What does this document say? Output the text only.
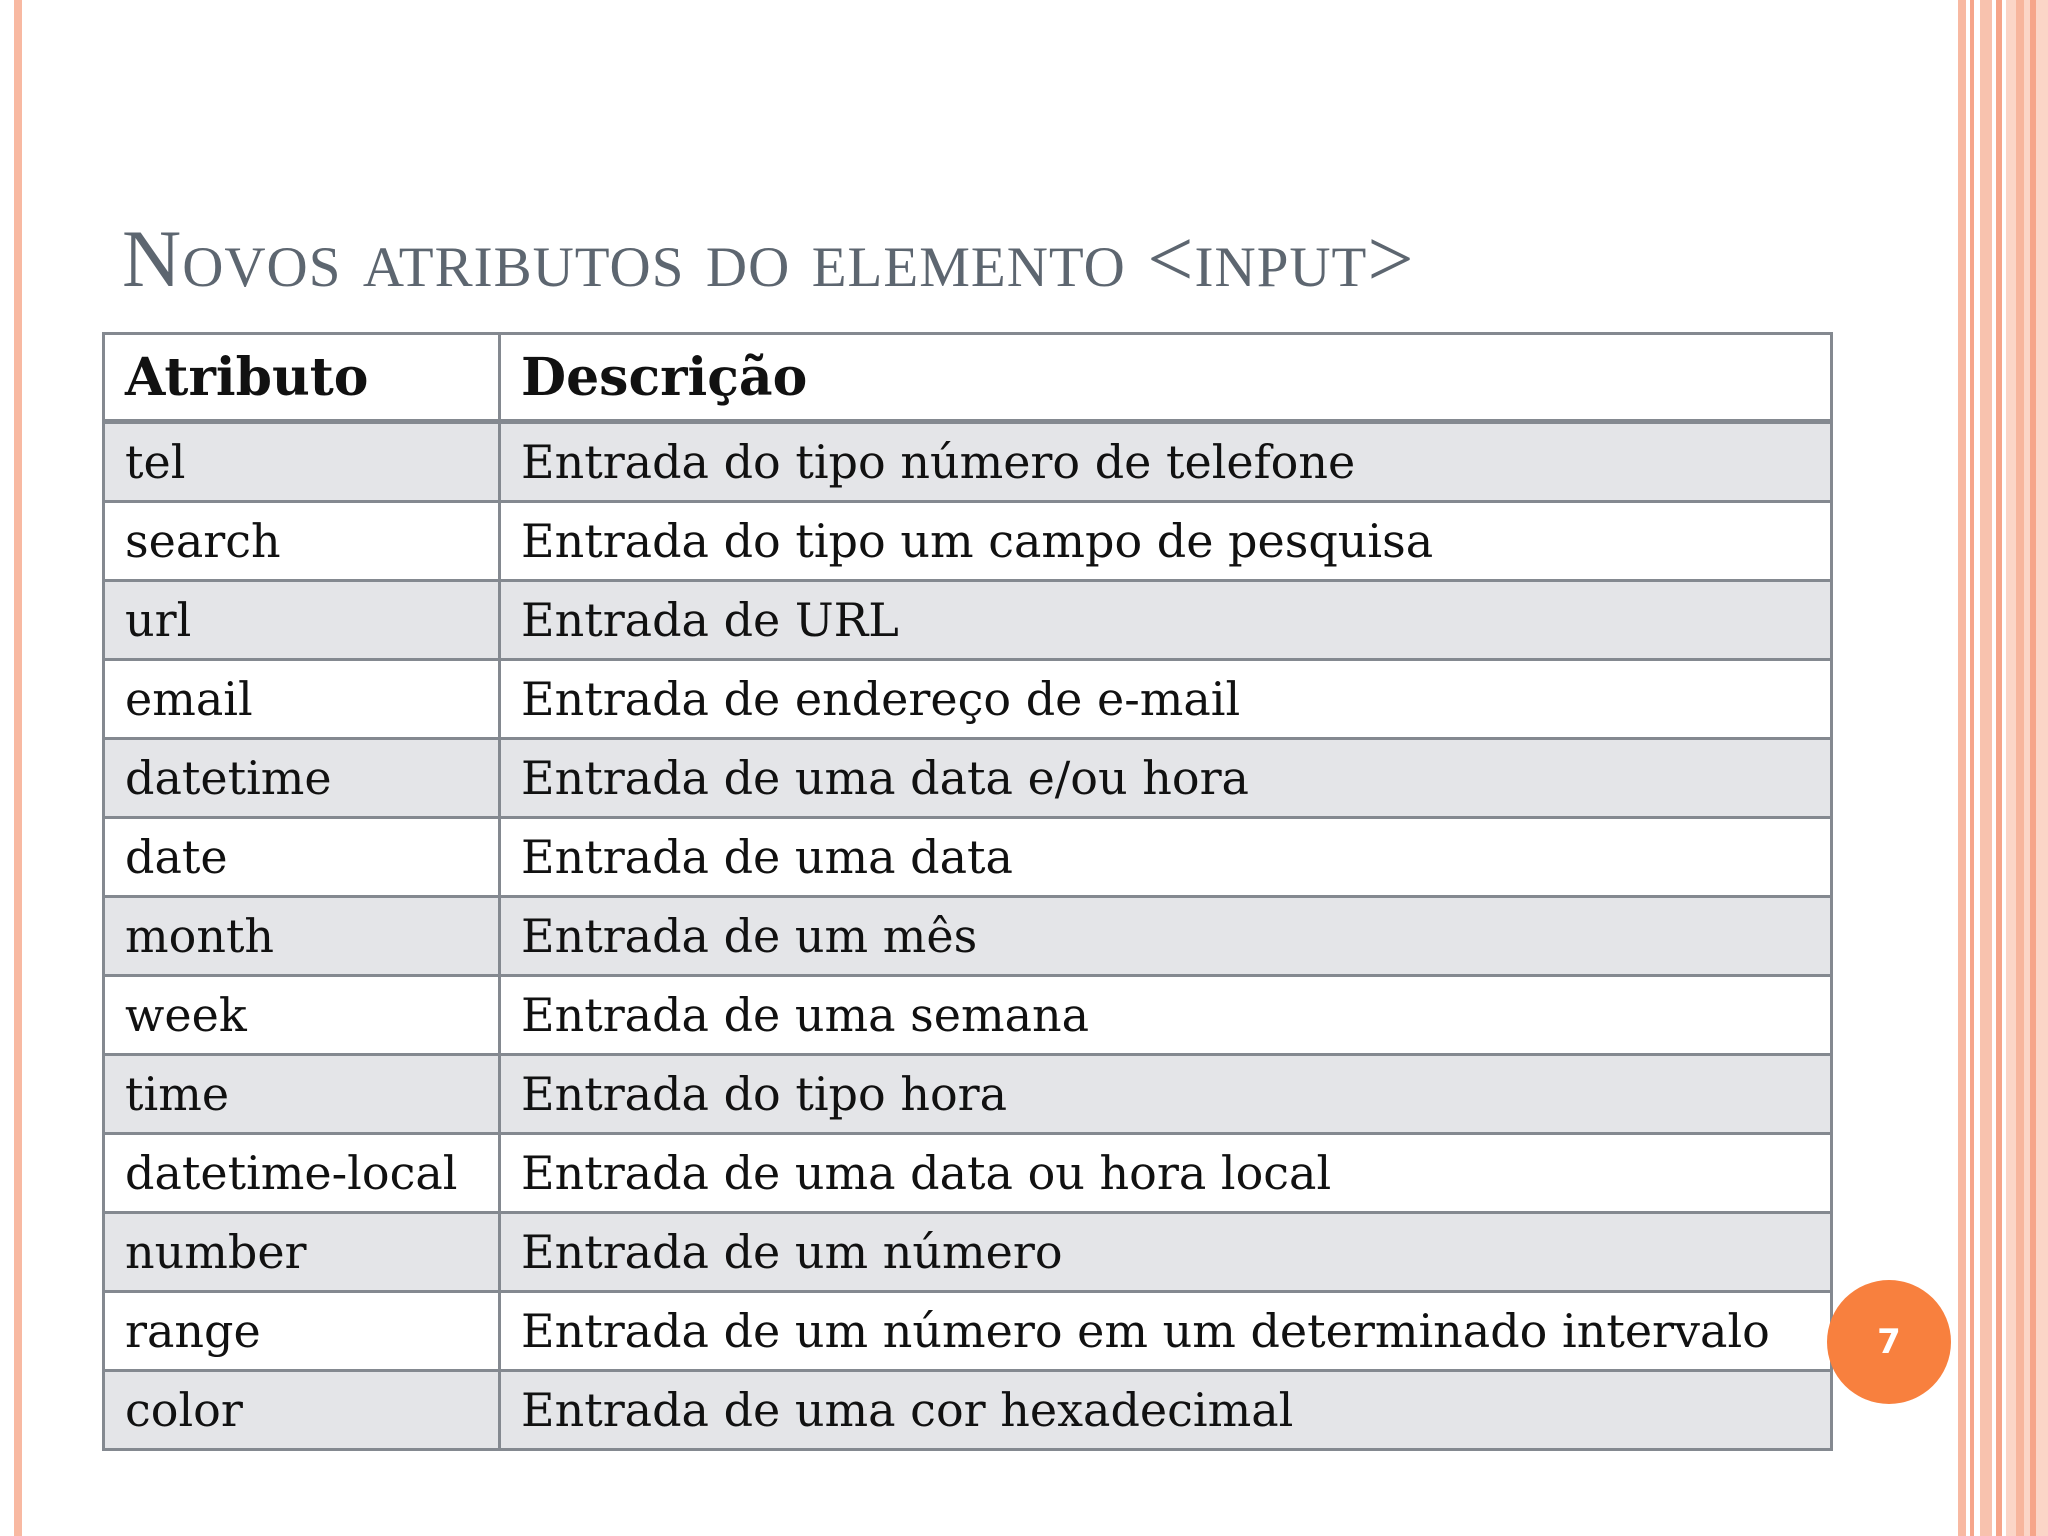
Novos atributos do elemento <input>
Atributo	Descrição
tel	Entrada do tipo número de telefone
search	Entrada do tipo um campo de pesquisa
url	Entrada de URL
email	Entrada de endereço de e-mail
datetime	Entrada de uma data e/ou hora
date	Entrada de uma data
month	Entrada de um mês
week	Entrada de uma semana
time	Entrada do tipo hora
datetime-local	Entrada de uma data ou hora local
number	Entrada de um número
range	Entrada de um número em um determinado intervalo
color	Entrada de uma cor hexadecimal
7
